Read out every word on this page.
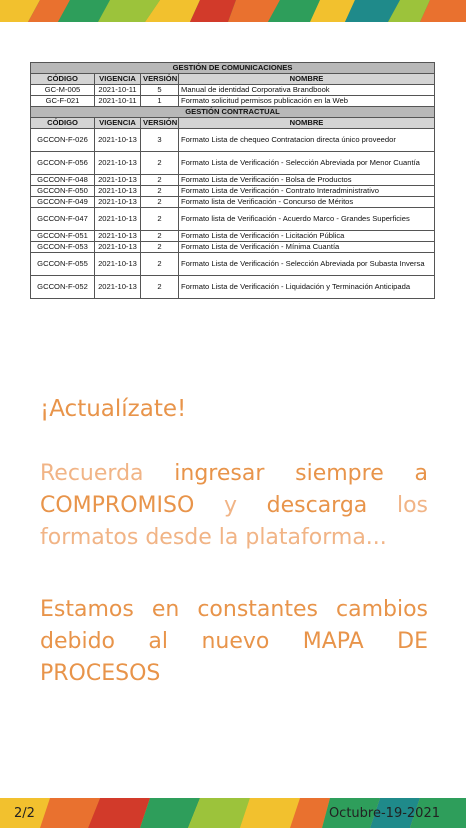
GESTIÓN DE COMUNICACIONES			
CÓDIGO	VIGENCIA	VERSIÓN	NOMBRE
GC-M-005	2021-10-11	5	Manual de identidad Corporativa Brandbook
GC-F-021	2021-10-11	1	Formato solicitud permisos publicación en la Web
GESTIÓN CONTRACTUAL			
CÓDIGO	VIGENCIA	VERSIÓN	NOMBRE
GCCON-F-026	2021-10-13	3	Formato Lista de chequeo Contratacion directa único proveedor
GCCON-F-056	2021-10-13	2	Formato Lista de Verificación - Selección Abreviada por Menor Cuantía
GCCON-F-048	2021-10-13	2	Formato Lista de Verificación - Bolsa de Productos
GCCON-F-050	2021-10-13	2	Formato Lista de Verificación - Contrato Interadministrativo
GCCON-F-049	2021-10-13	2	Formato lista de Verificación - Concurso de Méritos
GCCON-F-047	2021-10-13	2	Formato lista de Verificación - Acuerdo Marco - Grandes Superficies
GCCON-F-051	2021-10-13	2	Formato Lista de Verificación - Licitación Pública
GCCON-F-053	2021-10-13	2	Formato Lista de Verificación - Mínima Cuantía
GCCON-F-055	2021-10-13	2	Formato Lista de Verificación - Selección Abreviada por Subasta Inversa
GCCON-F-052	2021-10-13	2	Formato Lista de Verificación - Liquidación y Terminación Anticipada
¡Actualízate!
Recuerda ingresar siempre a COMPROMISO y descarga los formatos desde la plataforma...
Estamos en constantes cambios debido al nuevo MAPA DE PROCESOS
2/2	Octubre-19-2021
